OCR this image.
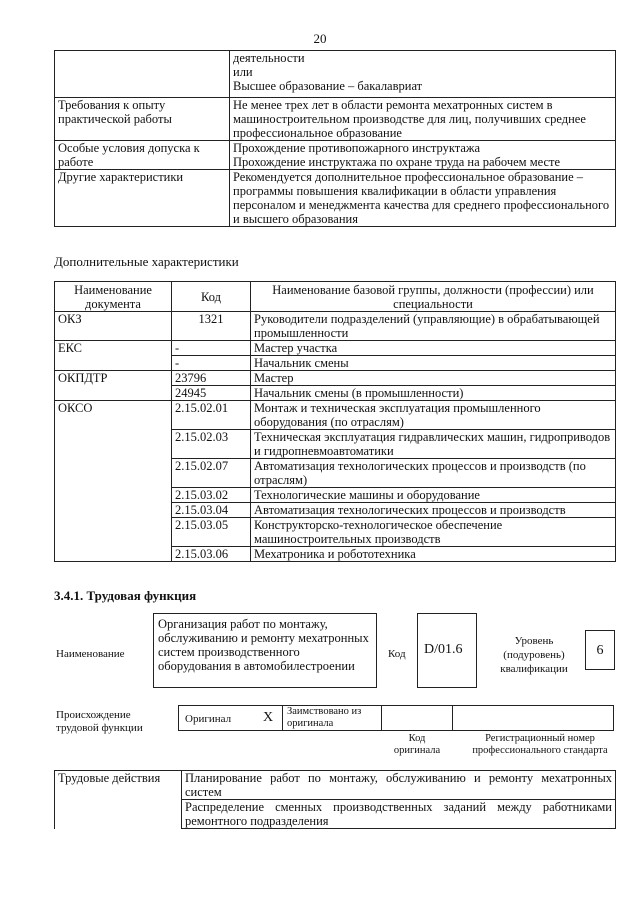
20
	деятельности
или
Высшее образование – бакалавриат
Требования к опыту практической работы	Не менее трех лет в области ремонта мехатронных систем в машиностроительном производстве для лиц, получивших среднее профессиональное образование
Особые условия допуска к работе	Прохождение противопожарного инструктажа
Прохождение инструктажа по охране труда на рабочем месте
Другие характеристики	Рекомендуется дополнительное профессиональное образование – программы повышения квалификации в области управления персоналом и менеджмента качества для среднего профессионального и высшего образования
Дополнительные характеристики
Наименование документа	Код	Наименование базовой группы, должности (профессии) или специальности
ОКЗ	1321	Руководители подразделений (управляющие) в обрабатывающей промышленности
ЕКС	-	Мастер участка
	-	Начальник смены
ОКПДТР	23796	Мастер
	24945	Начальник смены (в промышленности)
ОКСО	2.15.02.01	Монтаж и техническая эксплуатация промышленного оборудования (по отраслям)
	2.15.02.03	Техническая эксплуатация гидравлических машин, гидроприводов и гидропневмоавтоматики
	2.15.02.07	Автоматизация технологических процессов и производств (по отраслям)
	2.15.03.02	Технологические машины и оборудование
	2.15.03.04	Автоматизация технологических процессов и производств
	2.15.03.05	Конструкторско-технологическое обеспечение машиностроительных производств
	2.15.03.06	Мехатроника и робототехника
3.4.1. Трудовая функция
Наименование
Организация работ по монтажу, обслуживанию и ремонту мехатронных систем производственного оборудования в автомобилестроении
Код	D/01.6
Уровень (подуровень) квалификации
6
Происхождение трудовой функции
Оригинал X Заимствовано из оригинала
Код оригинала
Регистрационный номер профессионального стандарта
Трудовые действия	Планирование работ по монтажу, обслуживанию и ремонту мехатронных систем
Распределение сменных производственных заданий между работниками ремонтного подразделения
